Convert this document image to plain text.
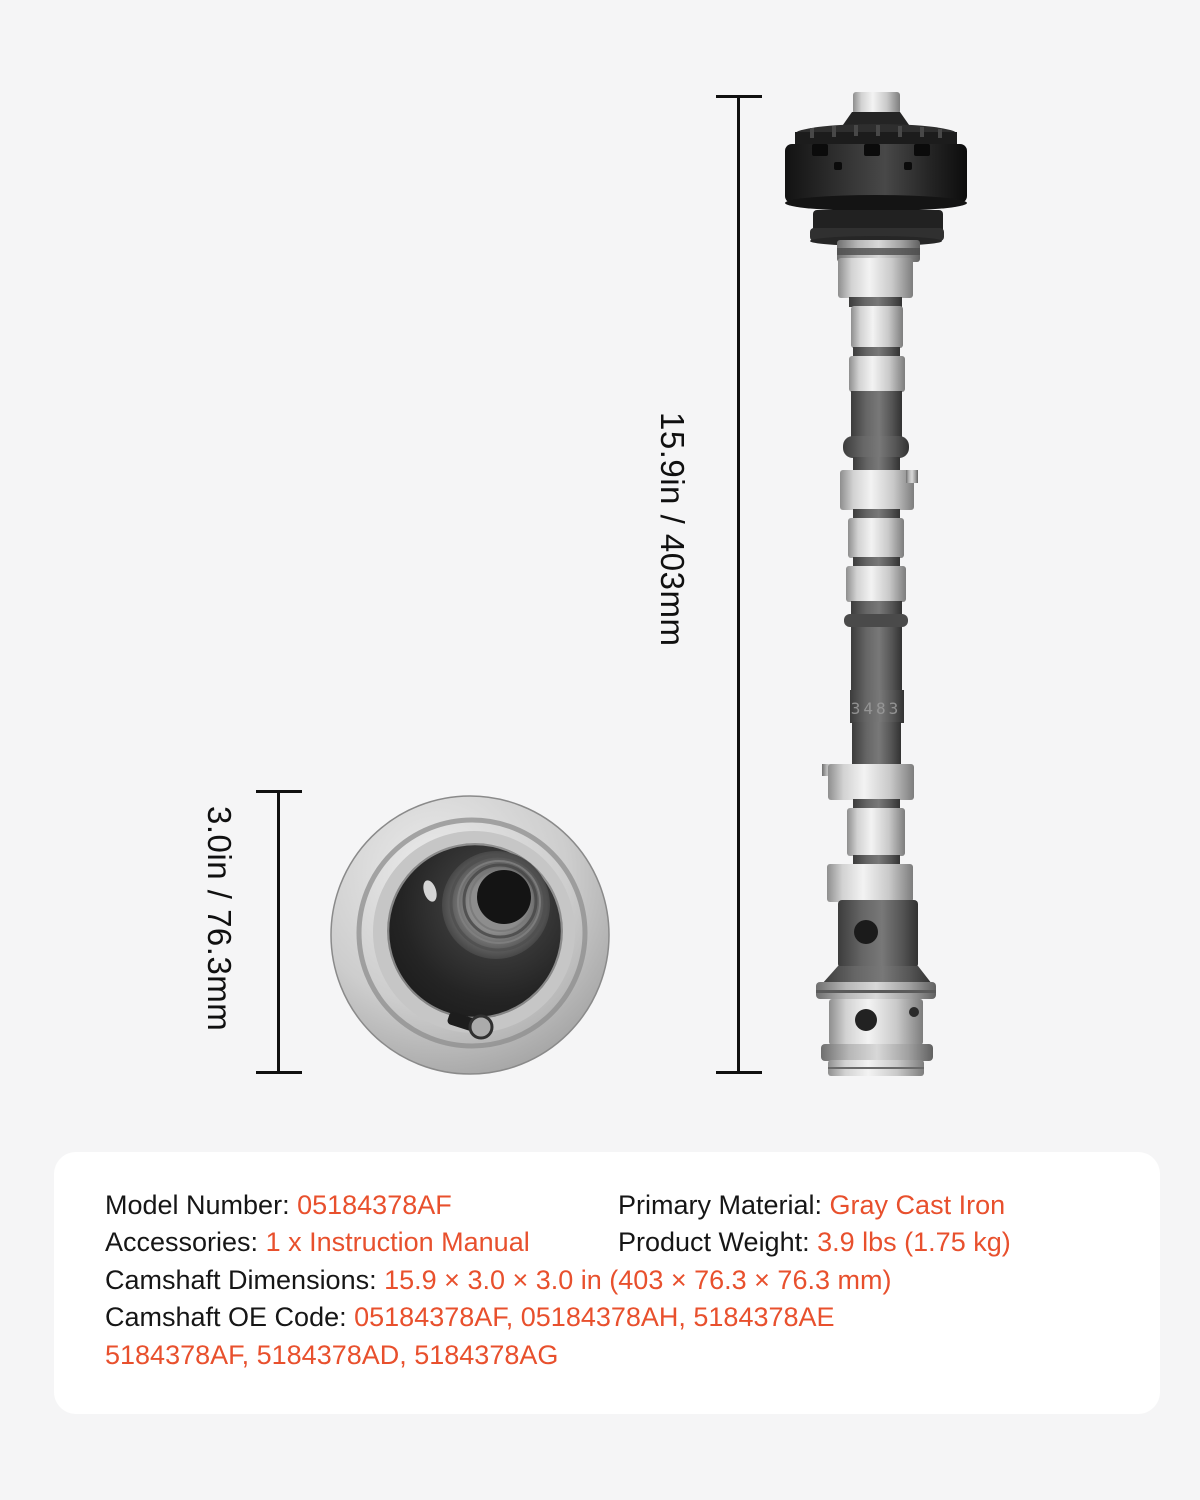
15.9in / 403mm
3.0in / 76.3mm
3483
Model Number: 05184378AF
Accessories: 1 x Instruction Manual
Primary Material: Gray Cast Iron
Product Weight: 3.9 lbs (1.75 kg)
Camshaft Dimensions: 15.9 × 3.0 × 3.0 in (403 × 76.3 × 76.3 mm)
Camshaft OE Code: 05184378AF, 05184378AH, 5184378AE
5184378AF, 5184378AD, 5184378AG
